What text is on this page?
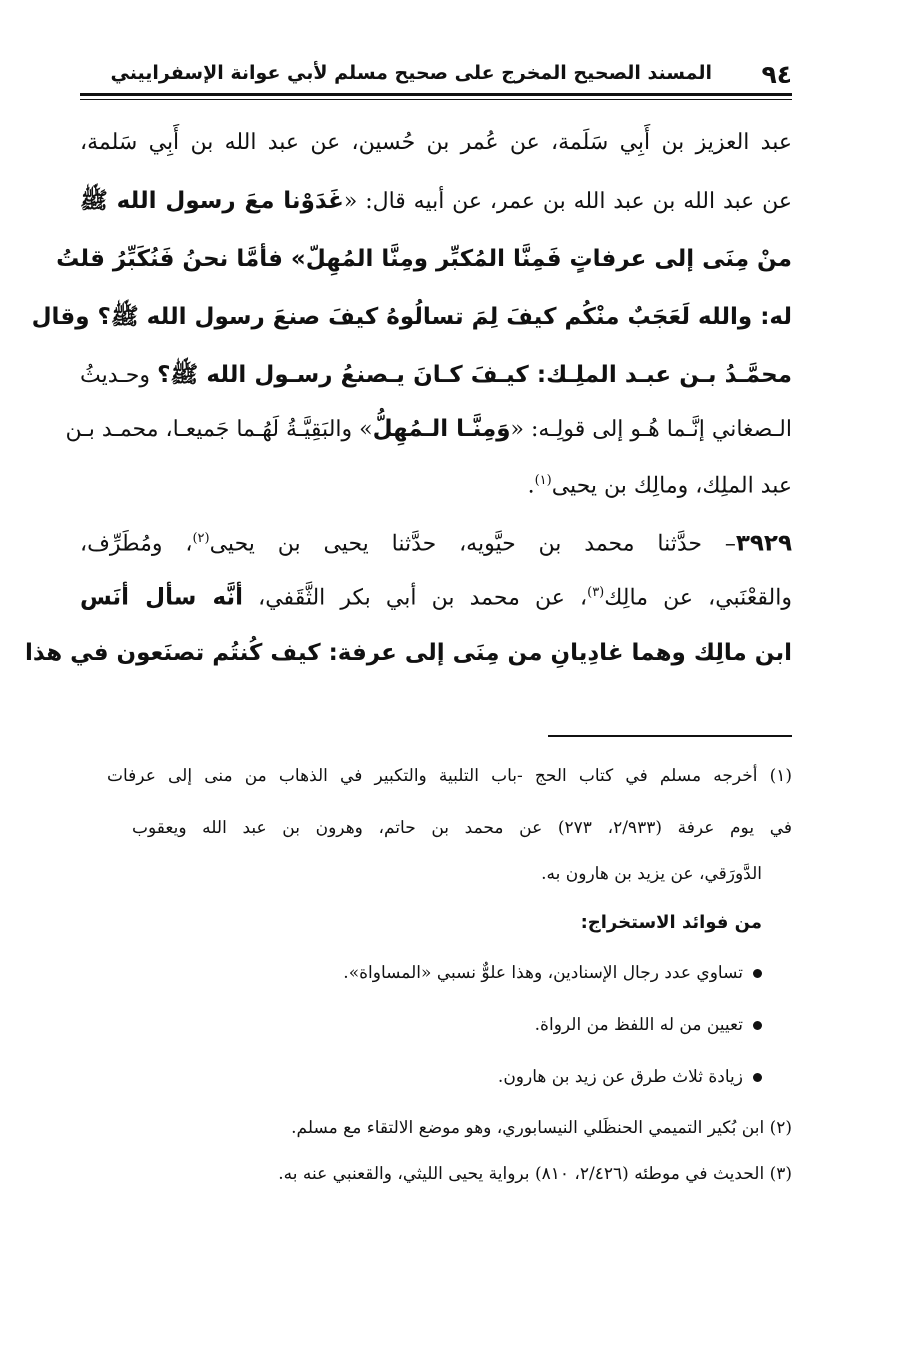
٩٤
المسند الصحيح المخرج على صحيح مسلم لأبي عوانة الإسفراييني
عبد العزيز بن أَبِي سَلَمة، عن عُمر بن حُسين، عن عبد الله بن أَبِي سَلمة،
عن عبد الله بن عبد الله بن عمر، عن أبيه قال: «غَدَوْنا معَ رسول الله ﷺ
منْ مِنَى إلى عرفاتٍ فَمِنَّا المُكبِّر ومِنَّا المُهِلّ» فأمَّا نحنُ فَنُكَبِّرُ قلتُ
له: والله لَعَجَبٌ منْكُم كيفَ لِمَ تسالُوهُ كيفَ صنعَ رسول الله ﷺ؟ وقال
محمَّـدُ بـن عبـد الملِـك: كيـفَ كـانَ يـصنعُ رسـول الله ﷺ؟ وحـديثُ
الـصغاني إنَّـما هُـو إلى قولِـه: «وَمِنَّـا الـمُهِلُّ» والبَقِيَّـةُ لَهُـما جَميعـا، محمـد بـن
عبد الملِك، ومالِك بن يحيى$^{(١)}$.
٣٩٢٩– حدَّثنا محمد بن حيَّويه، حدَّثنا يحيى بن يحيى$^{(٢)}$، ومُطَرِّف،
والقعْنَبي، عن مالِك$^{(٣)}$، عن محمد بن أبي بكر الثَّقَفي، أنَّه سأل أنَس
ابن مالِك وهما غادِيانِ من مِنَى إلى عرفة: كيف كُنتُم تصنَعون في هذا
(١) أخرجه مسلم في كتاب الحج -باب التلبية والتكبير في الذهاب من منى إلى عرفات
في يوم عرفة (٢/٩٣٣، ٢٧٣) عن محمد بن حاتم، وهرون بن عبد الله ويعقوب
الدَّورَقي، عن يزيد بن هارون به.
من فوائد الاستخراج:
تساوي عدد رجال الإسنادين، وهذا علوٌّ نسبي «المساواة».
تعيين من له اللفظ من الرواة.
زيادة ثلاث طرق عن زيد بن هارون.
(٢) ابن بُكير التميمي الحنظَلي النيسابوري، وهو موضع الالتقاء مع مسلم.
(٣) الحديث في موطئه (٢/٤٢٦، ٨١٠) برواية يحيى الليثي، والقعنبي عنه به.
